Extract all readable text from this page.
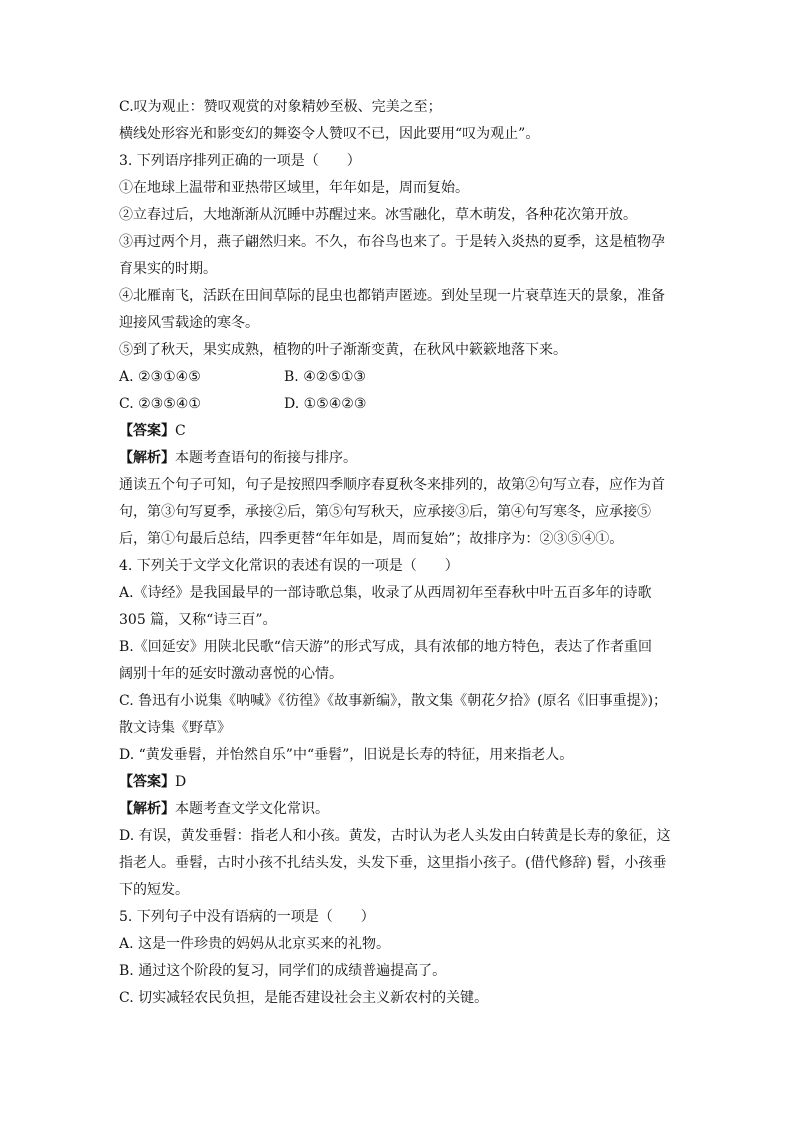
C.叹为观止：赞叹观赏的对象精妙至极、完美之至；
横线处形容光和影变幻的舞姿令人赞叹不已，因此要用“叹为观止”。
3. 下列语序排列正确的一项是（　　）
①在地球上温带和亚热带区域里，年年如是，周而复始。
②立春过后，大地渐渐从沉睡中苏醒过来。冰雪融化，草木萌发，各种花次第开放。
③再过两个月，燕子翩然归来。不久，布谷鸟也来了。于是转入炎热的夏季，这是植物孕
育果实的时期。
④北雁南飞，活跃在田间草际的昆虫也都销声匿迹。到处呈现一片衰草连天的景象，准备
迎接风雪载途的寒冬。
⑤到了秋天，果实成熟，植物的叶子渐渐变黄，在秋风中簌簌地落下来。
A. ②③①④⑤	B. ④②⑤①③
C. ②③⑤④①	D. ①⑤④②③
【答案】C
【解析】本题考查语句的衔接与排序。
通读五个句子可知，句子是按照四季顺序春夏秋冬来排列的，故第②句写立春，应作为首
句，第③句写夏季，承接②后，第⑤句写秋天，应承接③后，第④句写寒冬，应承接⑤
后，第①句最后总结，四季更替“年年如是，周而复始”；故排序为：②③⑤④①。
4. 下列关于文学文化常识的表述有误的一项是（　　）
A.《诗经》是我国最早的一部诗歌总集，收录了从西周初年至春秋中叶五百多年的诗歌
305 篇，又称“诗三百”。
B.《回延安》用陕北民歌“信天游”的形式写成，具有浓郁的地方特色，表达了作者重回
阔别十年的延安时激动喜悦的心情。
C. 鲁迅有小说集《呐喊》《彷徨》《故事新编》，散文集《朝花夕拾》(原名《旧事重提》)；
散文诗集《野草》
D. “黄发垂髫，并怡然自乐”中“垂髫”，旧说是长寿的特征，用来指老人。
【答案】D
【解析】本题考查文学文化常识。
D. 有误，黄发垂髫：指老人和小孩。黄发，古时认为老人头发由白转黄是长寿的象征，这
指老人。垂髫，古时小孩不扎结头发，头发下垂，这里指小孩子。(借代修辞) 髫，小孩垂
下的短发。
5. 下列句子中没有语病的一项是（　　）
A. 这是一件珍贵的妈妈从北京买来的礼物。
B. 通过这个阶段的复习，同学们的成绩普遍提高了。
C. 切实减轻农民负担，是能否建设社会主义新农村的关键。
